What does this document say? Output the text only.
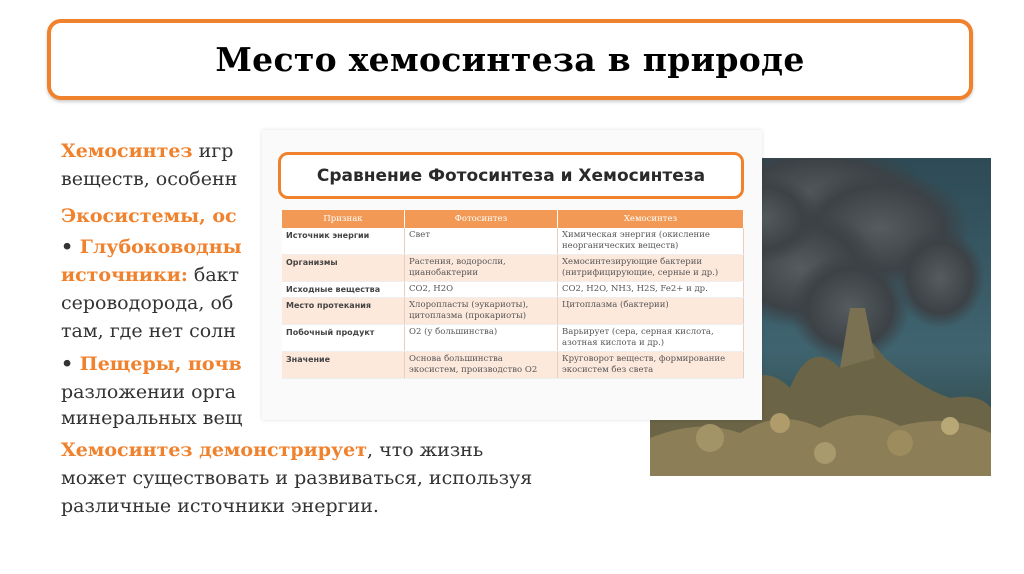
Место хемосинтеза в природе
Хемосинтез игр
веществ, особенн
Экосистемы, ос
• Глубоководны
источники: бакт
сероводорода, об
там, где нет солн
• Пещеры, почв
разложении орга
минеральных вещ
Хемосинтез демонстрирует, что жизнь
может существовать и развиваться, используя
различные источники энергии.
Сравнение Фотосинтеза и Хемосинтеза
Признак	Фотосинтез	Хемосинтез
Источник энергии	Свет	Химическая энергия (окисление неорганических веществ)
Организмы	Растения, водоросли, цианобактерии	Хемосинтезирующие бактерии (нитрифицирующие, серные и др.)
Исходные вещества	CO2, H2O	CO2, H2O, NH3, H2S, Fe2+ и др.
Место протекания	Хлоропласты (эукариоты), цитоплазма (прокариоты)	Цитоплазма (бактерии)
Побочный продукт	O2 (у большинства)	Варьирует (сера, серная кислота, азотная кислота и др.)
Значение	Основа большинства экосистем, производство O2	Круговорот веществ, формирование экосистем без света
